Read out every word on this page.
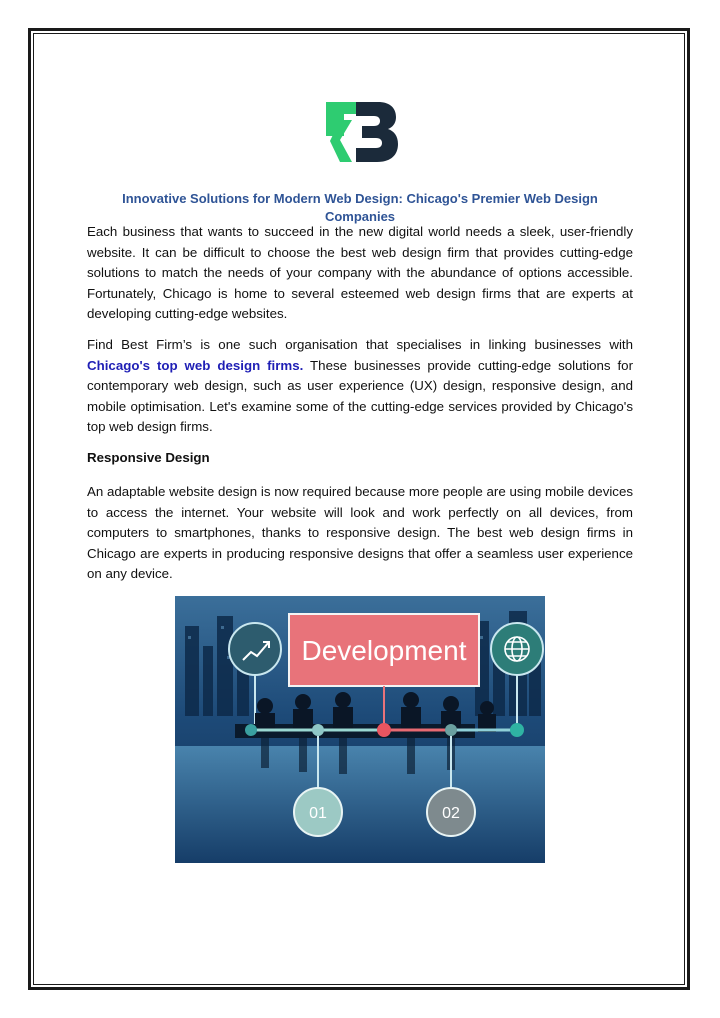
Innovative Solutions for Modern Web Design: Chicago's Premier Web Design Companies

Each business that wants to succeed in the new digital world needs a sleek, user-friendly website. It can be difficult to choose the best web design firm that provides cutting-edge solutions to match the needs of your company with the abundance of options accessible. Fortunately, Chicago is home to several esteemed web design firms that are experts at developing cutting-edge websites.

Find Best Firm’s is one such organisation that specialises in linking businesses with Chicago's top web design firms. These businesses provide cutting-edge solutions for contemporary web design, such as user experience (UX) design, responsive design, and mobile optimisation. Let's examine some of the cutting-edge services provided by Chicago's top web design firms.

Responsive Design

An adaptable website design is now required because more people are using mobile devices to access the internet. Your website will look and work perfectly on all devices, from computers to smartphones, thanks to responsive design. The best web design firms in Chicago are experts in producing responsive designs that offer a seamless user experience on any device.

Development
01	02
